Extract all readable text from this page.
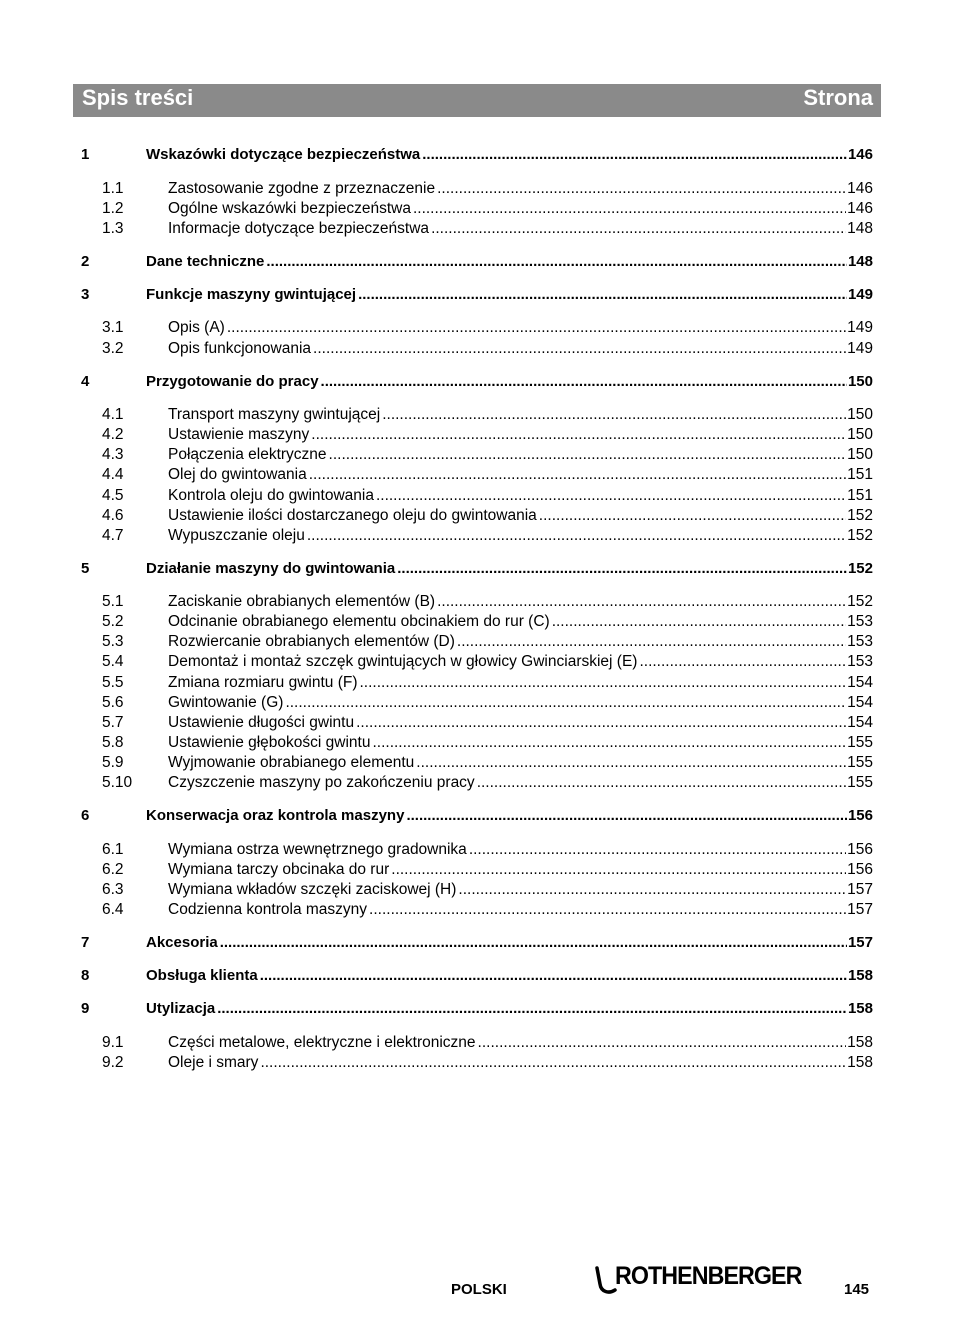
Spis treści	Strona
1	Wskazówki dotyczące bezpieczeństwa .....	146
1.1	Zastosowanie zgodne z przeznaczenie .....	146
1.2	Ogólne wskazówki bezpieczeństwa .....	146
1.3	Informacje dotyczące bezpieczeństwa .....	148
2	Dane techniczne .....	148
3	Funkcje maszyny gwintującej .....	149
3.1	Opis (A) .....	149
3.2	Opis funkcjonowania .....	149
4	Przygotowanie do pracy .....	150
4.1	Transport maszyny gwintującej .....	150
4.2	Ustawienie maszyny .....	150
4.3	Połączenia elektryczne .....	150
4.4	Olej do gwintowania .....	151
4.5	Kontrola oleju do gwintowania .....	151
4.6	Ustawienie ilości dostarczanego oleju do gwintowania .....	152
4.7	Wypuszczanie oleju .....	152
5	Działanie maszyny do gwintowania .....	152
5.1	Zaciskanie obrabianych elementów (B) .....	152
5.2	Odcinanie obrabianego elementu obcinakiem do rur (C) .....	153
5.3	Rozwiercanie obrabianych elementów (D) .....	153
5.4	Demontaż i montaż szczęk gwintujących w głowicy Gwinciarskiej (E) .....	153
5.5	Zmiana rozmiaru gwintu (F) .....	154
5.6	Gwintowanie (G) .....	154
5.7	Ustawienie długości gwintu .....	154
5.8	Ustawienie głębokości gwintu .....	155
5.9	Wyjmowanie obrabianego elementu .....	155
5.10 Czyszczenie maszyny po zakończeniu pracy .....	155
6	Konserwacja oraz kontrola maszyny .....	156
6.1	Wymiana ostrza wewnętrznego gradownika .....	156
6.2	Wymiana tarczy obcinaka do rur .....	156
6.3	Wymiana wkładów szczęki zaciskowej (H) .....	157
6.4	Codzienna kontrola maszyny .....	157
7	Akcesoria .....	157
8	Obsługa klienta .....	158
9	Utylizacja .....	158
9.1	Części metalowe, elektryczne i elektroniczne .....	158
9.2	Oleje i smary .....	158
POLSKI	ROTHENBERGER	145
